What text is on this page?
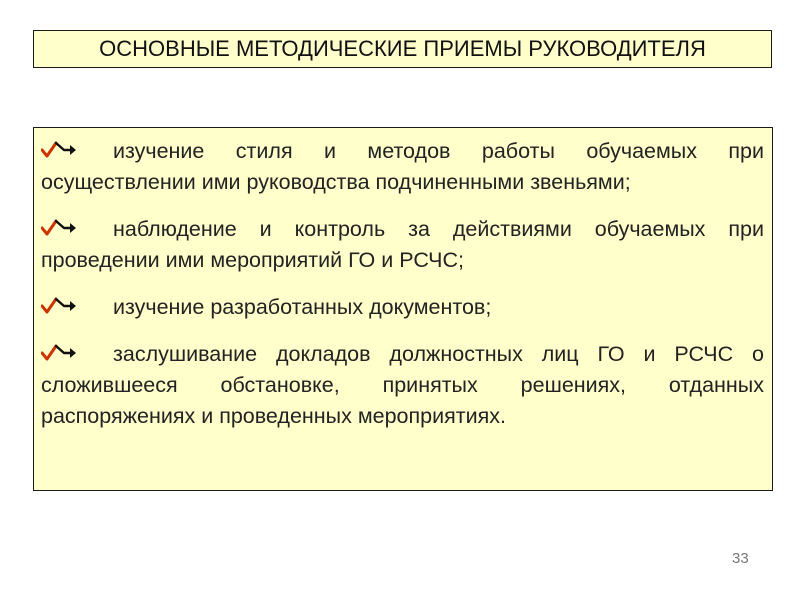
ОСНОВНЫЕ МЕТОДИЧЕСКИЕ ПРИЕМЫ РУКОВОДИТЕЛЯ
изучение стиля и методов работы обучаемых при осуществлении ими руководства подчиненными звеньями;
наблюдение и контроль за действиями обучаемых при проведении ими мероприятий ГО и РСЧС;
изучение разработанных документов;
заслушивание докладов должностных лиц ГО и РСЧС о сложившееся обстановке, принятых решениях, отданных распоряжениях и проведенных мероприятиях.
33
